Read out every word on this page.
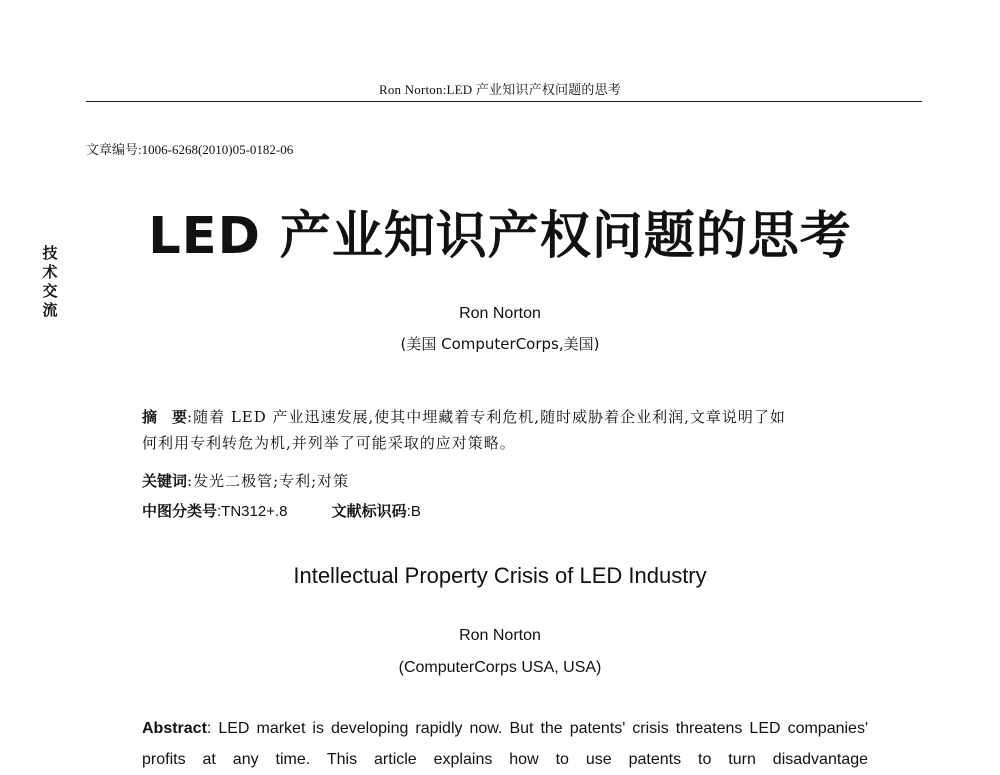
Ron Norton:LED 产业知识产权问题的思考
文章编号:1006-6268(2010)05-0182-06
技
术
交
流
LED 产业知识产权问题的思考
Ron Norton
(美国 ComputerCorps,美国)
摘　要:随着 LED 产业迅速发展,使其中埋藏着专利危机,随时威胁着企业利润,文章说明了如
何利用专利转危为机,并列举了可能采取的应对策略。
关键词:发光二极管;专利;对策
中图分类号:TN312+.8	文献标识码:B
Intellectual Property Crisis of LED Industry
Ron Norton
(ComputerCorps USA, USA)
Abstract: LED market is developing rapidly now. But the patents' crisis threatens LED companies' profits at any time. This article explains how to use patents to turn disadvantage
